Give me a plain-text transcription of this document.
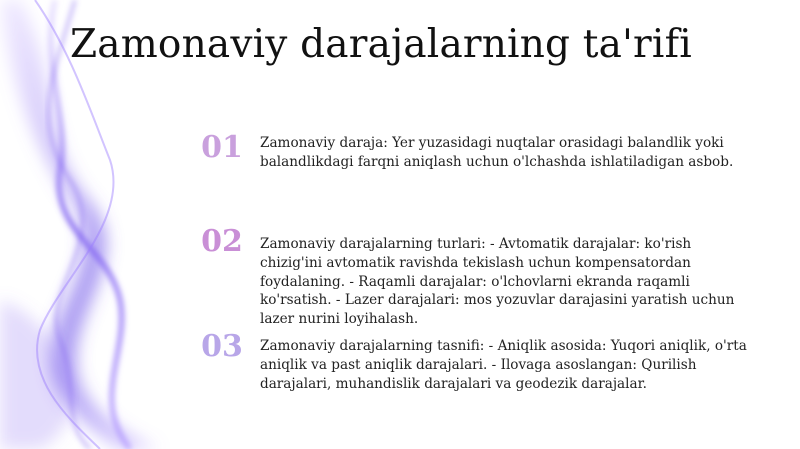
Zamonaviy darajalarning ta'rifi
01	Zamonaviy daraja: Yer yuzasidagi nuqtalar orasidagi balandlik yoki balandlikdagi farqni aniqlash uchun o'lchashda ishlatiladigan asbob.
02	Zamonaviy darajalarning turlari: - Avtomatik darajalar: ko'rish chizig'ini avtomatik ravishda tekislash uchun kompensatordan foydalaning. - Raqamli darajalar: o'lchovlarni ekranda raqamli ko'rsatish. - Lazer darajalari: mos yozuvlar darajasini yaratish uchun lazer nurini loyihalash.
03	Zamonaviy darajalarning tasnifi: - Aniqlik asosida: Yuqori aniqlik, o'rta aniqlik va past aniqlik darajalari. - Ilovaga asoslangan: Qurilish darajalari, muhandislik darajalari va geodezik darajalar.
